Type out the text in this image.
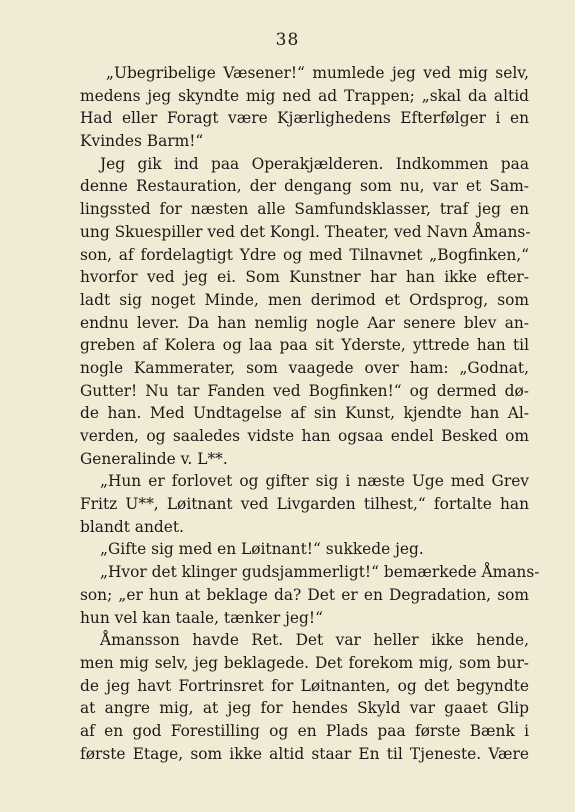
38
„Ubegribelige Væsener!“ mumlede jeg ved mig selv,
medens jeg skyndte mig ned ad Trappen; „skal da altid
Had eller Foragt være Kjærlighedens Efterfølger i en
Kvindes Barm!“
Jeg gik ind paa Operakjælderen. Indkommen paa
denne Restauration, der dengang som nu, var et Sam-
lingssted for næsten alle Samfundsklasser, traf jeg en
ung Skuespiller ved det Kongl. Theater, ved Navn Åmans-
son, af fordelagtigt Ydre og med Tilnavnet „Bogfinken,“
hvorfor ved jeg ei. Som Kunstner har han ikke efter-
ladt sig noget Minde, men derimod et Ordsprog, som
endnu lever. Da han nemlig nogle Aar senere blev an-
greben af Kolera og laa paa sit Yderste, yttrede han til
nogle Kammerater, som vaagede over ham: „Godnat,
Gutter! Nu tar Fanden ved Bogfinken!“ og dermed dø-
de han. Med Undtagelse af sin Kunst, kjendte han Al-
verden, og saaledes vidste han ogsaa endel Besked om
Generalinde v. L**.
„Hun er forlovet og gifter sig i næste Uge med Grev
Fritz U**, Løitnant ved Livgarden tilhest,“ fortalte han
blandt andet.
„Gifte sig med en Løitnant!“ sukkede jeg.
„Hvor det klinger gudsjammerligt!“ bemærkede Åmans-
son; „er hun at beklage da? Det er en Degradation, som
hun vel kan taale, tænker jeg!“
Åmansson havde Ret. Det var heller ikke hende,
men mig selv, jeg beklagede. Det forekom mig, som bur-
de jeg havt Fortrinsret for Løitnanten, og det begyndte
at angre mig, at jeg for hendes Skyld var gaaet Glip
af en god Forestilling og en Plads paa første Bænk i
første Etage, som ikke altid staar En til Tjeneste. Være
